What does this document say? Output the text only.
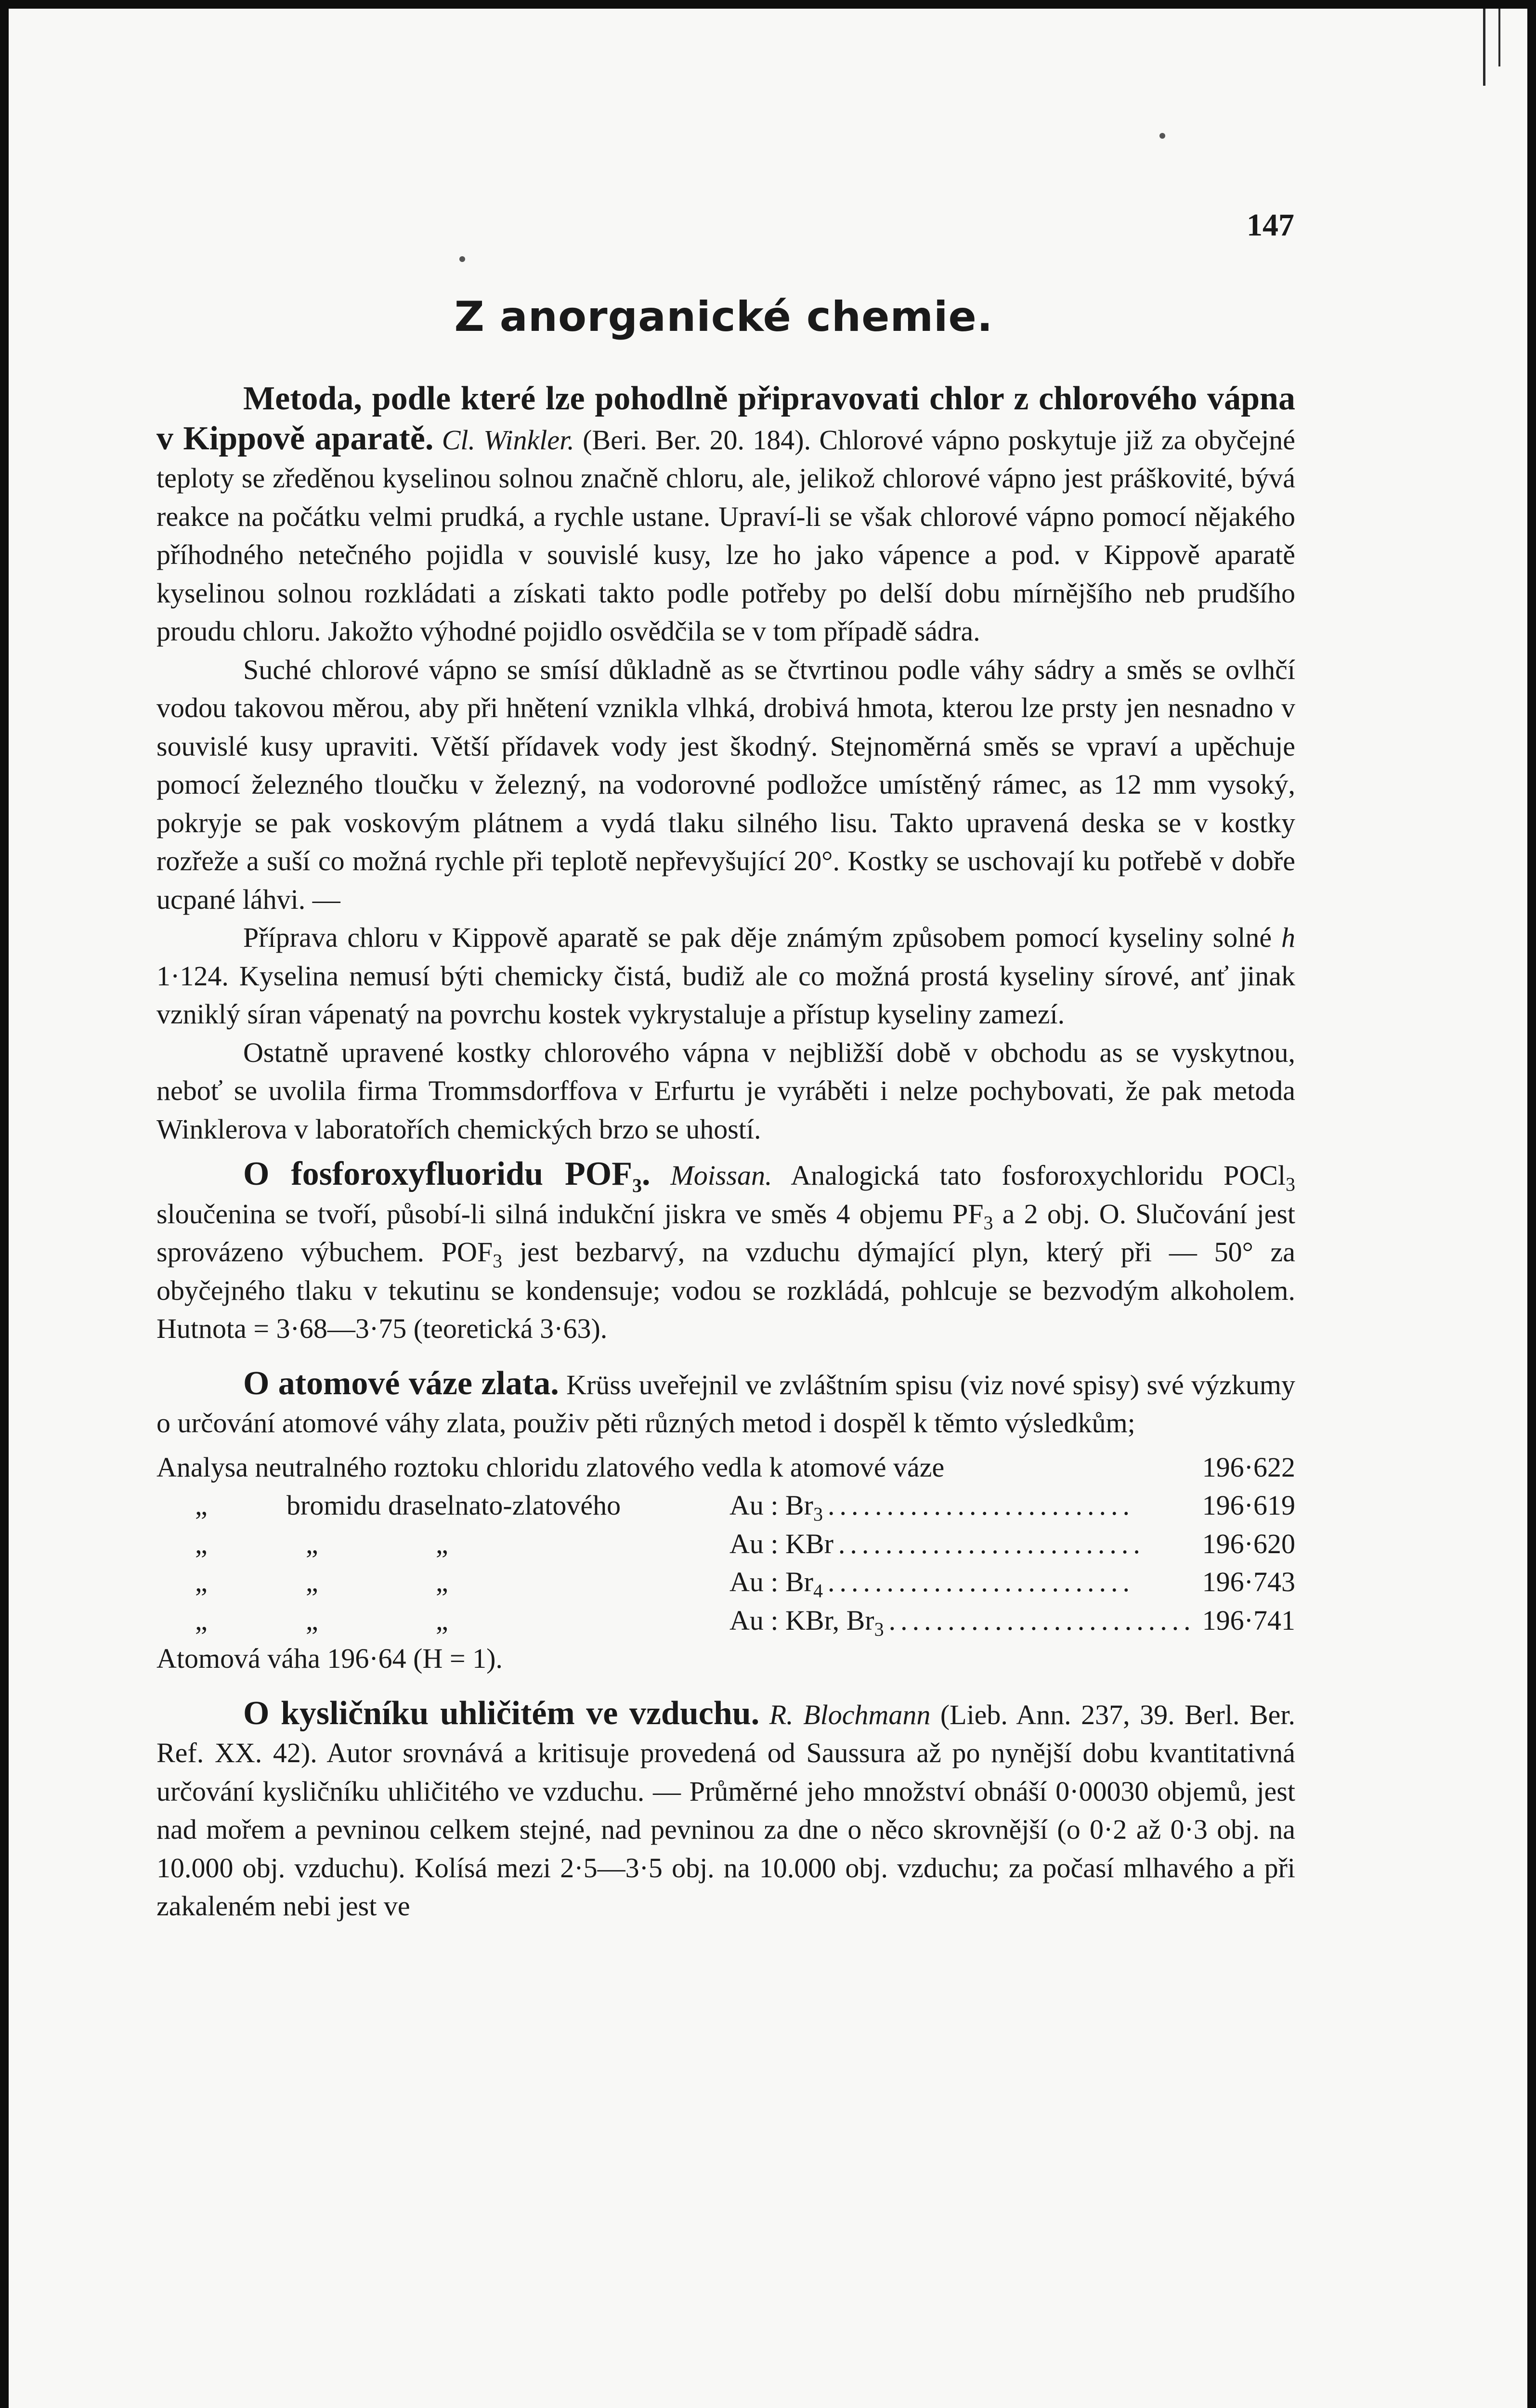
147
Z anorganické chemie.

Metoda, podle které lze pohodlně připravovati chlor z chlorového vápna v Kippově aparatě. Cl. Winkler. (Beri. Ber. 20. 184). Chlorové vápno poskytuje již za obyčejné teploty se zředěnou kyselinou solnou značně chloru, ale, jelikož chlorové vápno jest práškovité, bývá reakce na počátku velmi prudká, a rychle ustane. Upraví-li se však chlorové vápno pomocí nějakého příhodného netečného pojidla v souvislé kusy, lze ho jako vápence a pod. v Kippově aparatě kyselinou solnou rozkládati a získati takto podle potřeby po delší dobu mírnějšího neb prudšího proudu chloru. Jakožto výhodné pojidlo osvědčila se v tom případě sádra.

Suché chlorové vápno se smísí důkladně as se čtvrtinou podle váhy sádry a směs se ovlhčí vodou takovou měrou, aby při hnětení vznikla vlhká, drobivá hmota, kterou lze prsty jen nesnadno v souvislé kusy upraviti. Větší přídavek vody jest škodný. Stejnoměrná směs se vpraví a upěchuje pomocí železného tloučku v železný, na vodorovné podložce umístěný rámec, as 12 mm vysoký, pokryje se pak voskovým plátnem a vydá tlaku silného lisu. Takto upravená deska se v kostky rozřeže a suší co možná rychle při teplotě nepřevyšující 20°. Kostky se uschovají ku potřebě v dobře ucpané láhvi. —

Příprava chloru v Kippově aparatě se pak děje známým způsobem pomocí kyseliny solné h 1·124. Kyselina nemusí býti chemicky čistá, budiž ale co možná prostá kyseliny sírové, anť jinak vzniklý síran vápenatý na povrchu kostek vykrystaluje a přístup kyseliny zamezí.

Ostatně upravené kostky chlorového vápna v nejbližší době v obchodu as se vyskytnou, neboť se uvolila firma Trommsdorffova v Erfurtu je vyráběti i nelze pochybovati, že pak metoda Winklerova v laboratořích chemických brzo se uhostí.

O fosforoxyfluoridu $POF_3$. Moissan. Analogická tato fosforoxychloridu POCl$_3$ sloučenina se tvoří, působí-li silná indukční jiskra ve směs 4 objemu $PF_3$ a 2 obj. O. Slučování jest sprovázeno výbuchem. $POF_3$ jest bezbarvý, na vzduchu dýmající plyn, který při — 50° za obyčejného tlaku v tekutinu se kondensuje; vodou se rozkládá, pohlcuje se bezvodým alkoholem. Hutnota = 3·68—3·75 (teoretická 3·63).

O atomové váze zlata. Krüss uveřejnil ve zvláštním spisu (viz nové spisy) své výzkumy o určování atomové váhy zlata, použiv pěti různých metod i dospěl k těmto výsledkům;

Analysa neutralného roztoku chloridu zlatového vedla k atomové váze	196·622
„	bromidu draselnato-zlatového	Au : $Br_3$ ..........................	196·619
„	„	„	Au : KBr ..........................	196·620
„	„	„	Au : $Br_4$ ..........................	196·743
„	„	„	Au : KBr, $Br_3$ .......................... 196·741

Atomová váha 196·64 (H = 1).

O kysličníku uhličitém ve vzduchu. R. Blochmann (Lieb. Ann. 237, 39. Berl. Ber. Ref. XX. 42). Autor srovnává a kritisuje provedená od Saussura až po nynější dobu kvantitativná určování kysličníku uhličitého ve vzduchu. — Průměrné jeho množství obnáší 0·00030 objemů, jest nad mořem a pevninou celkem stejné, nad pevninou za dne o něco skrovnější (o 0·2 až 0·3 obj. na 10.000 obj. vzduchu). Kolísá mezi 2·5—3·5 obj. na 10.000 obj. vzduchu; za počasí mlhavého a při zakaleném nebi jest ve
